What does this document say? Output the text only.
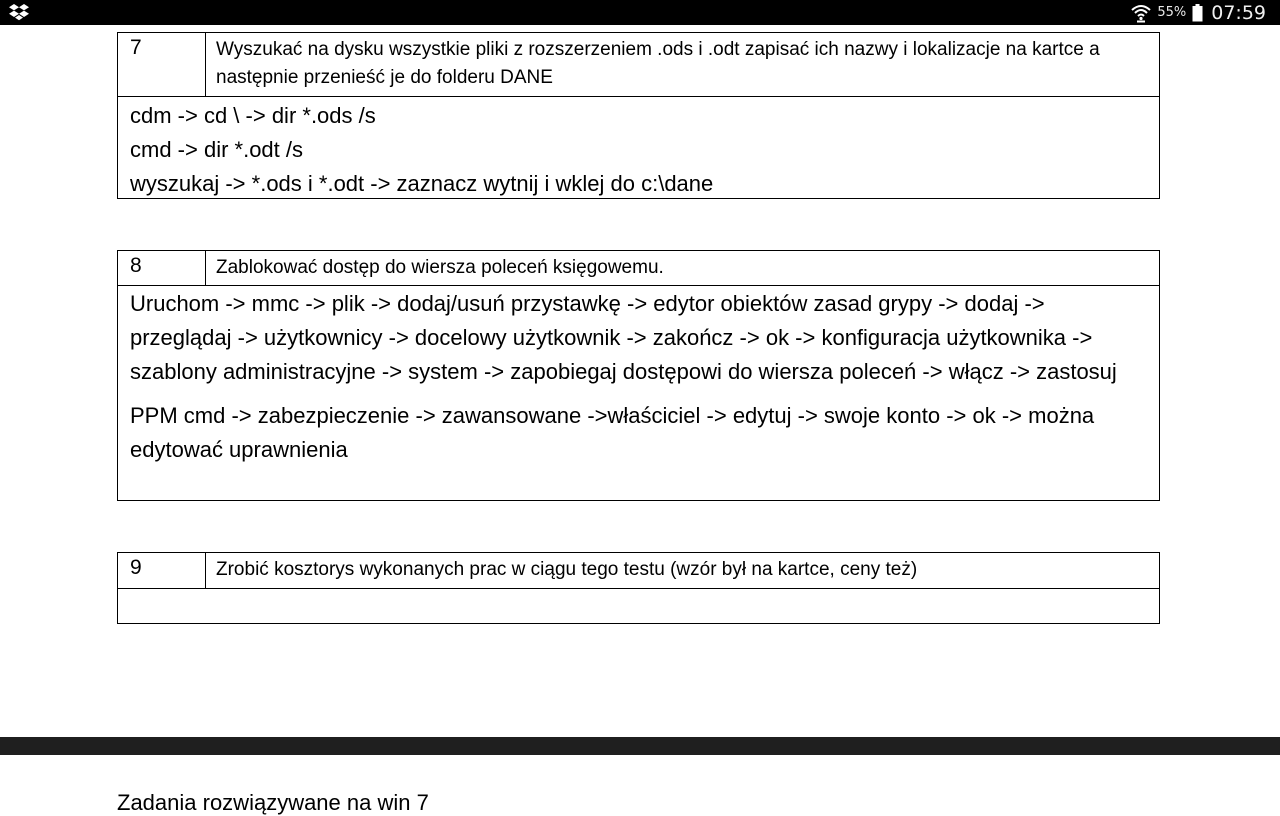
55% 07:59
7	Wyszukać na dysku wszystkie pliki z rozszerzeniem .ods i .odt zapisać ich nazwy i lokalizacje na kartce a następnie przenieść je do folderu DANE
cdm -> cd \ -> dir *.ods /s
cmd -> dir *.odt /s
wyszukaj -> *.ods i *.odt -> zaznacz wytnij i wklej do c:\dane
8	Zablokować dostęp do wiersza poleceń księgowemu.

Uruchom -> mmc -> plik -> dodaj/usuń przystawkę -> edytor obiektów zasad grypy -> dodaj -> przeglądaj -> użytkownicy -> docelowy użytkownik -> zakończ -> ok -> konfiguracja użytkownika -> szablony administracyjne -> system -> zapobiegaj dostępowi do wiersza poleceń -> włącz -> zastosuj

PPM cmd -> zabezpieczenie -> zawansowane ->właściciel -> edytuj -> swoje konto -> ok -> można edytować uprawnienia

9	Zrobić kosztorys wykonanych prac w ciągu tego testu (wzór był na kartce, ceny też)
Zadania rozwiązywane na win 7
